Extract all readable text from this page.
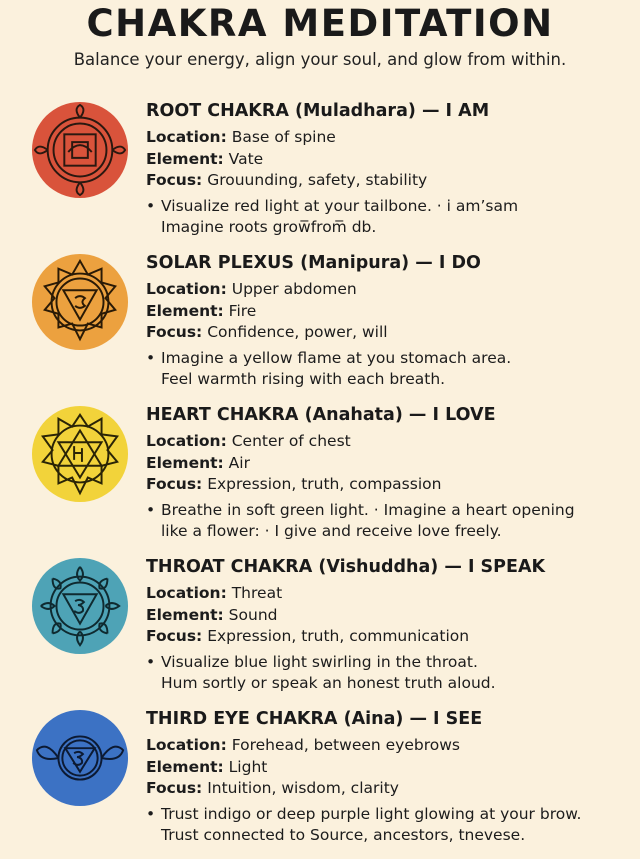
CHAKRA MEDITATION
Balance your energy, align your soul, and glow from within.
ROOT CHAKRA (Muladhara) — I AM
Location: Base of spine
Element: Vate
Focus: Grouunding, safety, stability
• Visualize red light at your tailbone. · i am’sam
Imagine roots grow̅from̅ db.
SOLAR PLEXUS (Manipura) — I DO
Location: Upper abdomen
Element: Fire
Focus: Confidence, power, will
• Imagine a yellow flame at you stomach area.
Feel warmth rising with each breath.
HEART CHAKRA (Anahata) — I LOVE
Location: Center of chest
Element: Air
Focus: Expression, truth, compassion
• Breathe in soft green light. · Imagine a heart opening
like a flower: · I give and receive love freely.
THROAT CHAKRA (Vishuddha) — I SPEAK
Location: Threat
Element: Sound
Focus: Expression, truth, communication
• Visualize blue light swirling in the throat.
Hum sortly or speak an honest truth aloud.
THIRD EYE CHAKRA (Aina) — I SEE
Location: Forehead, between eyebrows
Element: Light
Focus: Intuition, wisdom, clarity
• Trust indigo or deep purple light glowing at your brow.
Trust connected to Source, ancestors, tnevese.
